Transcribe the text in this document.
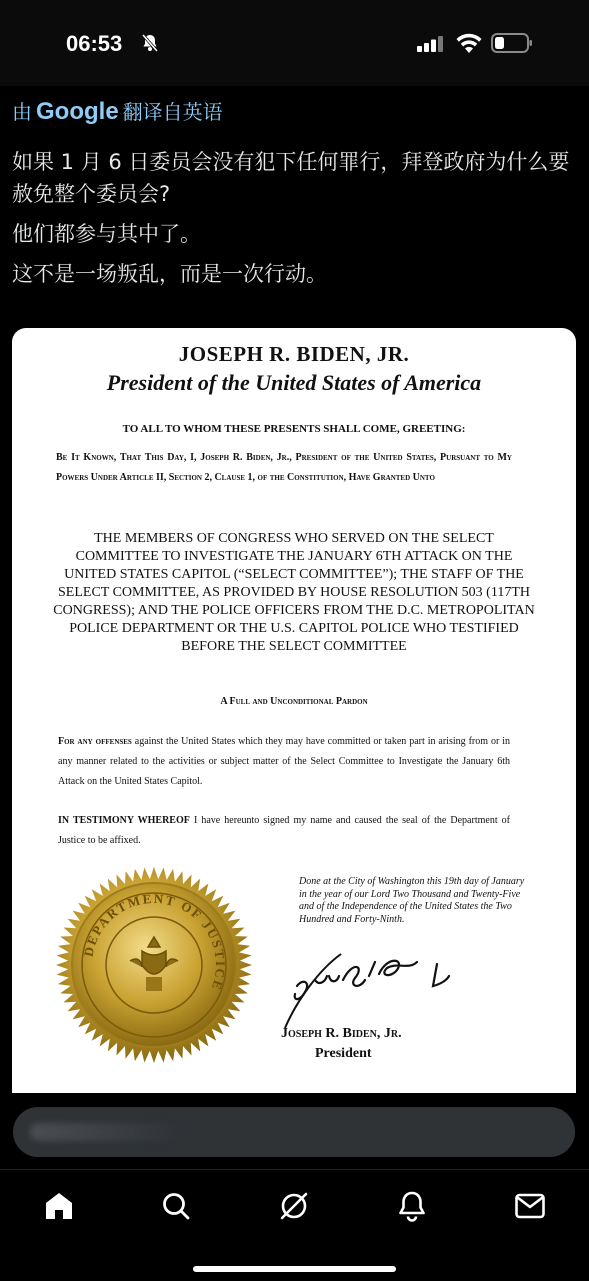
06:53
由 Google 翻译自英语

如果 1 月 6 日委员会没有犯下任何罪行，拜登政府为什么要赦免整个委员会?

他们都参与其中了。

这不是一场叛乱，而是一次行动。

JOSEPH R. BIDEN, JR.
President of the United States of America
TO ALL TO WHOM THESE PRESENTS SHALL COME, GREETING:
Be It Known, That This Day, I, Joseph R. Biden, Jr., President of the United States, Pursuant to My Powers Under Article II, Section 2, Clause 1, of the Constitution, Have Granted Unto
THE MEMBERS OF CONGRESS WHO SERVED ON THE SELECT COMMITTEE TO INVESTIGATE THE JANUARY 6TH ATTACK ON THE UNITED STATES CAPITOL (“SELECT COMMITTEE”); THE STAFF OF THE SELECT COMMITTEE, AS PROVIDED BY HOUSE RESOLUTION 503 (117TH CONGRESS); AND THE POLICE OFFICERS FROM THE D.C. METROPOLITAN POLICE DEPARTMENT OR THE U.S. CAPITOL POLICE WHO TESTIFIED BEFORE THE SELECT COMMITTEE
A Full and Unconditional Pardon
For any offenses against the United States which they may have committed or taken part in arising from or in any manner related to the activities or subject matter of the Select Committee to Investigate the January 6th Attack on the United States Capitol.
IN TESTIMONY WHEREOF I have hereunto signed my name and caused the seal of the Department of Justice to be affixed.
Done at the City of Washington this 19th day of January in the year of our Lord Two Thousand and Twenty-Five and of the Independence of the United States the Two Hundred and Forty-Ninth.
DEPARTMENT OF JUSTICE
Joseph R. Biden, Jr.
President
